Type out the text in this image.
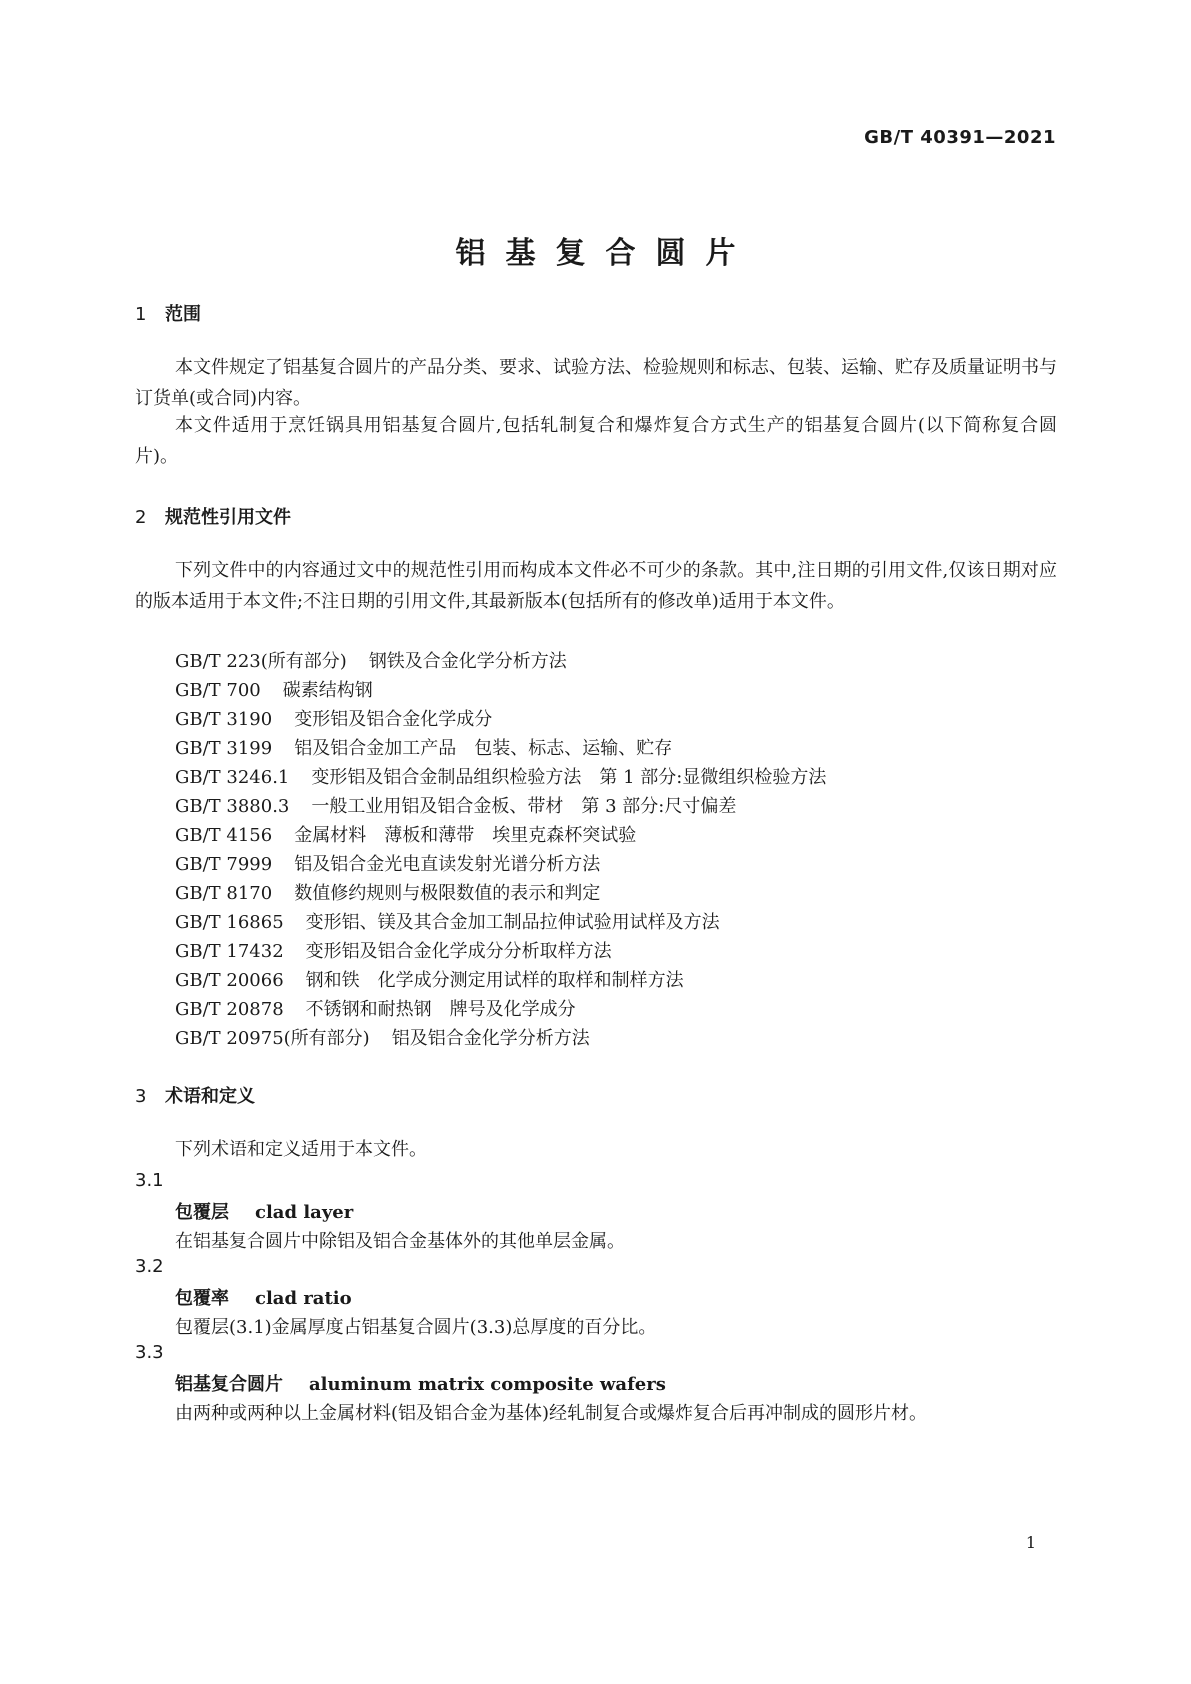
GB/T 40391—2021
铝基复合圆片
1 范围
本文件规定了铝基复合圆片的产品分类、要求、试验方法、检验规则和标志、包装、运输、贮存及质量证明书与订货单(或合同)内容。
本文件适用于烹饪锅具用铝基复合圆片,包括轧制复合和爆炸复合方式生产的铝基复合圆片(以下简称复合圆片)。
2 规范性引用文件
下列文件中的内容通过文中的规范性引用而构成本文件必不可少的条款。其中,注日期的引用文件,仅该日期对应的版本适用于本文件;不注日期的引用文件,其最新版本(包括所有的修改单)适用于本文件。
GB/T 223(所有部分) 钢铁及合金化学分析方法
GB/T 700 碳素结构钢
GB/T 3190 变形铝及铝合金化学成分
GB/T 3199 铝及铝合金加工产品　包装、标志、运输、贮存
GB/T 3246.1 变形铝及铝合金制品组织检验方法　第 1 部分:显微组织检验方法
GB/T 3880.3 一般工业用铝及铝合金板、带材　第 3 部分:尺寸偏差
GB/T 4156 金属材料　薄板和薄带　埃里克森杯突试验
GB/T 7999 铝及铝合金光电直读发射光谱分析方法
GB/T 8170 数值修约规则与极限数值的表示和判定
GB/T 16865 变形铝、镁及其合金加工制品拉伸试验用试样及方法
GB/T 17432 变形铝及铝合金化学成分分析取样方法
GB/T 20066 钢和铁　化学成分测定用试样的取样和制样方法
GB/T 20878 不锈钢和耐热钢　牌号及化学成分
GB/T 20975(所有部分) 铝及铝合金化学分析方法
3 术语和定义
下列术语和定义适用于本文件。
3.1
包覆层 clad layer
在铝基复合圆片中除铝及铝合金基体外的其他单层金属。
3.2
包覆率 clad ratio
包覆层(3.1)金属厚度占铝基复合圆片(3.3)总厚度的百分比。
3.3
铝基复合圆片 aluminum matrix composite wafers
由两种或两种以上金属材料(铝及铝合金为基体)经轧制复合或爆炸复合后再冲制成的圆形片材。
1
